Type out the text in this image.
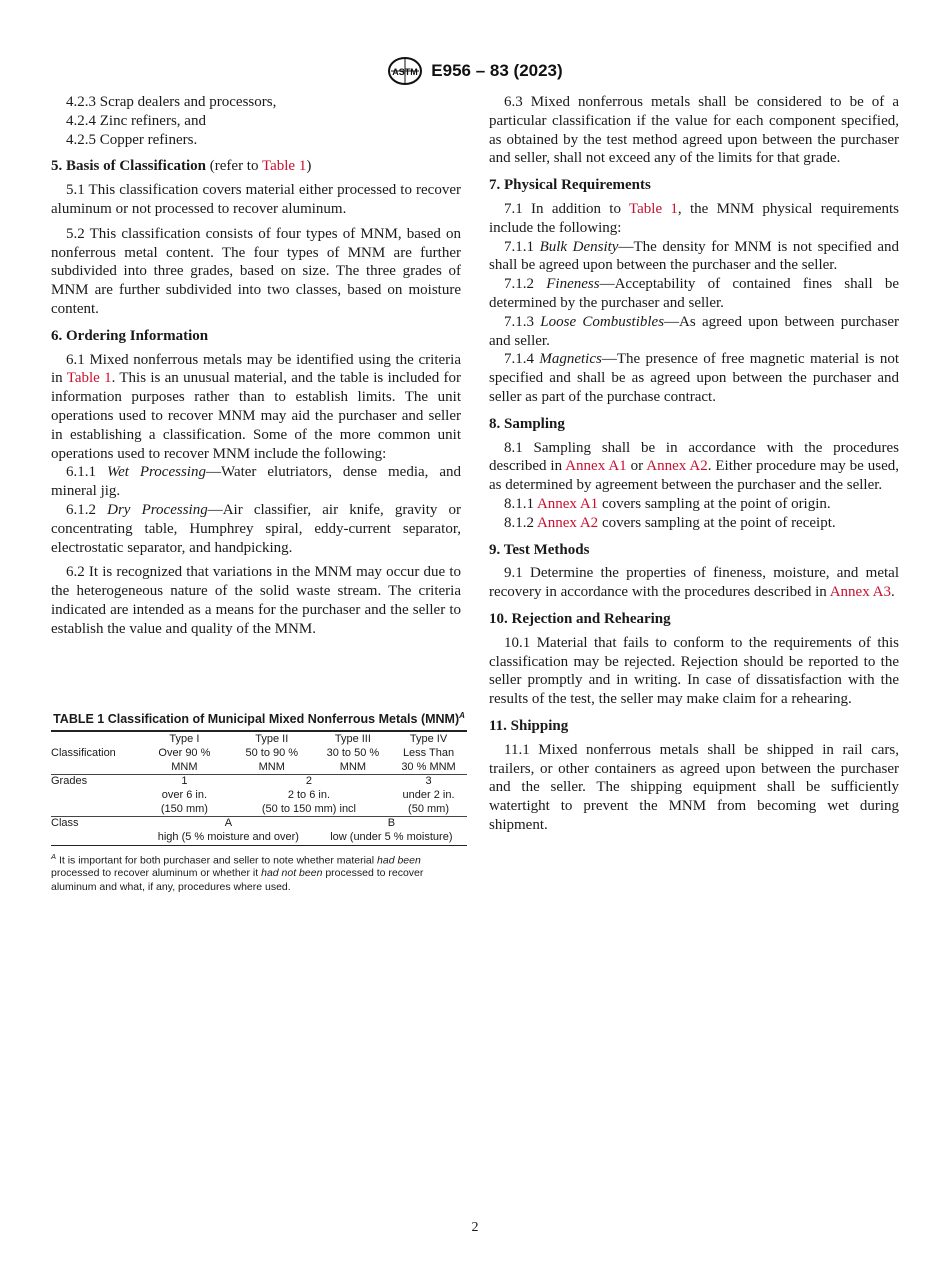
ASTM E956 – 83 (2023)

4.2.3 Scrap dealers and processors,

4.2.4 Zinc refiners, and

4.2.5 Copper refiners.

5. Basis of Classification (refer to Table 1)

5.1 This classification covers material either processed to recover aluminum or not processed to recover aluminum.

5.2 This classification consists of four types of MNM, based on nonferrous metal content. The four types of MNM are further subdivided into three grades, based on size. The three grades of MNM are further subdivided into two classes, based on moisture content.

6. Ordering Information

6.1 Mixed nonferrous metals may be identified using the criteria in Table 1. This is an unusual material, and the table is included for information purposes rather than to establish limits. The unit operations used to recover MNM may aid the purchaser and seller in establishing a classification. Some of the more common unit operations used to recover MNM include the following:

6.1.1 Wet Processing—Water elutriators, dense media, and mineral jig.

6.1.2 Dry Processing—Air classifier, air knife, gravity or concentrating table, Humphrey spiral, eddy-current separator, electrostatic separator, and handpicking.

6.2 It is recognized that variations in the MNM may occur due to the heterogeneous nature of the solid waste stream. The criteria indicated are intended as a means for the purchaser and the seller to establish the value and quality of the MNM.

TABLE 1 Classification of Municipal Mixed Nonferrous Metals (MNM)$^A$
	Type I	Type II	Type III	Type IV
Classification	Over 90 %	50 to 90 %	30 to 50 %	Less Than
	MNM	MNM	MNM	30 % MNM
Grades	1	2		3
	over 6 in.	2 to 6 in.		under 2 in.
	(150 mm)	(50 to 150 mm) incl		(50 mm)
Class	A		B	
	high (5 % moisture and over)		low (under 5 % moisture)	
$^A$ It is important for both purchaser and seller to note whether material had been processed to recover aluminum or whether it had not been processed to recover aluminum and what, if any, procedures where used.

6.3 Mixed nonferrous metals shall be considered to be of a particular classification if the value for each component specified, as obtained by the test method agreed upon between the purchaser and seller, shall not exceed any of the limits for that grade.

7. Physical Requirements

7.1 In addition to Table 1, the MNM physical requirements include the following:

7.1.1 Bulk Density—The density for MNM is not specified and shall be agreed upon between the purchaser and the seller.

7.1.2 Fineness—Acceptability of contained fines shall be determined by the purchaser and seller.

7.1.3 Loose Combustibles—As agreed upon between purchaser and seller.

7.1.4 Magnetics—The presence of free magnetic material is not specified and shall be as agreed upon between the purchaser and seller as part of the purchase contract.

8. Sampling

8.1 Sampling shall be in accordance with the procedures described in Annex A1 or Annex A2. Either procedure may be used, as determined by agreement between the purchaser and the seller.

8.1.1 Annex A1 covers sampling at the point of origin.

8.1.2 Annex A2 covers sampling at the point of receipt.

9. Test Methods

9.1 Determine the properties of fineness, moisture, and metal recovery in accordance with the procedures described in Annex A3.

10. Rejection and Rehearing

10.1 Material that fails to conform to the requirements of this classification may be rejected. Rejection should be reported to the seller promptly and in writing. In case of dissatisfaction with the results of the test, the seller may make claim for a rehearing.

11. Shipping

11.1 Mixed nonferrous metals shall be shipped in rail cars, trailers, or other containers as agreed upon between the purchaser and the seller. The shipping equipment shall be sufficiently watertight to prevent the MNM from becoming wet during shipment.

2
